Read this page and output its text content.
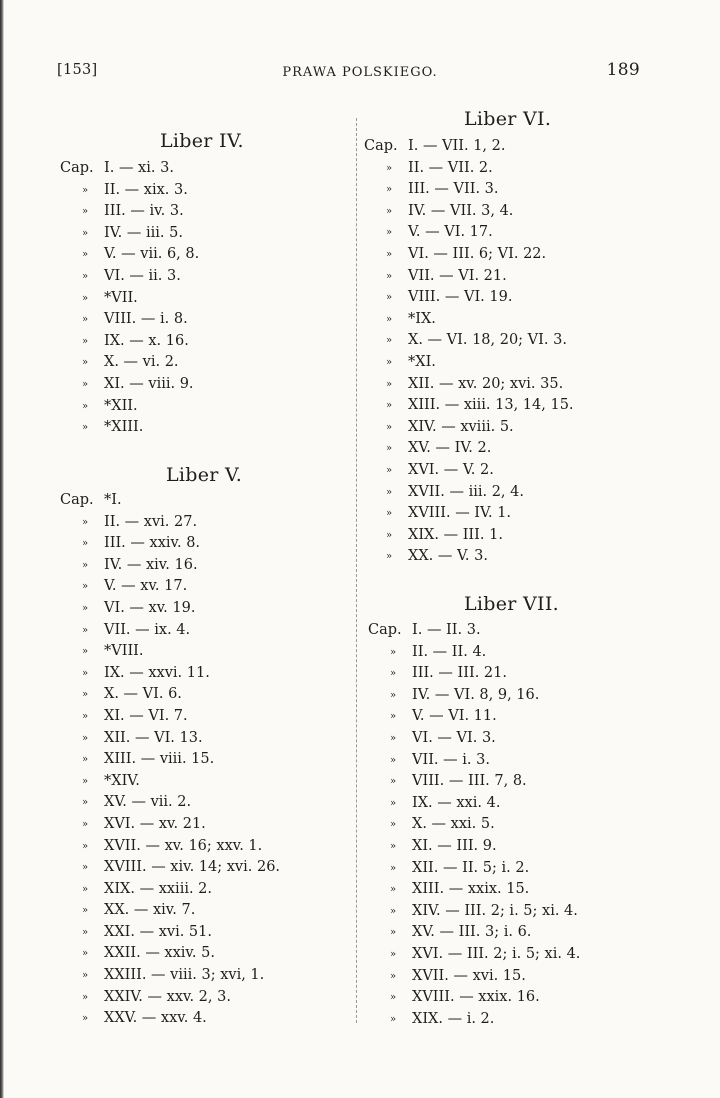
[153]	PRAWA POLSKIEGO.	189
Liber IV.
Cap. I. — xi. 3.
»	II. — xix. 3.
»	III. — iv. 3.
»	IV. — iii. 5.
»	V. — vii. 6, 8.
»	VI. — ii. 3.
»	*VII.
»	VIII. — i. 8.
»	IX. — x. 16.
»	X. — vi. 2.
»	XI. — viii. 9.
»	*XII.
»	*XIII.
Liber V.
Cap. *I.
»	II. — xvi. 27.
»	III. — xxiv. 8.
»	IV. — xiv. 16.
»	V. — xv. 17.
»	VI. — xv. 19.
»	VII. — ix. 4.
»	*VIII.
»	IX. — xxvi. 11.
»	X. — VI. 6.
»	XI. — VI. 7.
»	XII. — VI. 13.
»	XIII. — viii. 15.
»	*XIV.
»	XV. — vii. 2.
»	XVI. — xv. 21.
»	XVII. — xv. 16; xxv. 1.
»	XVIII. — xiv. 14; xvi. 26.
»	XIX. — xxiii. 2.
»	XX. — xiv. 7.
»	XXI. — xvi. 51.
»	XXII. — xxiv. 5.
»	XXIII. — viii. 3; xvi, 1.
»	XXIV. — xxv. 2, 3.
»	XXV. — xxv. 4.
Liber VI.
Cap. I. — VII. 1, 2.
»	II. — VII. 2.
»	III. — VII. 3.
»	IV. — VII. 3, 4.
»	V. — VI. 17.
»	VI. — III. 6; VI. 22.
»	VII. — VI. 21.
»	VIII. — VI. 19.
»	*IX.
»	X. — VI. 18, 20; VI. 3.
»	*XI.
»	XII. — xv. 20; xvi. 35.
»	XIII. — xiii. 13, 14, 15.
»	XIV. — xviii. 5.
»	XV. — IV. 2.
»	XVI. — V. 2.
»	XVII. — iii. 2, 4.
»	XVIII. — IV. 1.
»	XIX. — III. 1.
»	XX. — V. 3.
Liber VII.
Cap. I. — II. 3.
»	II. — II. 4.
»	III. — III. 21.
»	IV. — VI. 8, 9, 16.
»	V. — VI. 11.
»	VI. — VI. 3.
»	VII. — i. 3.
»	VIII. — III. 7, 8.
»	IX. — xxi. 4.
»	X. — xxi. 5.
»	XI. — III. 9.
»	XII. — II. 5; i. 2.
»	XIII. — xxix. 15.
»	XIV. — III. 2; i. 5; xi. 4.
»	XV. — III. 3; i. 6.
»	XVI. — III. 2; i. 5; xi. 4.
»	XVII. — xvi. 15.
»	XVIII. — xxix. 16.
»	XIX. — i. 2.
